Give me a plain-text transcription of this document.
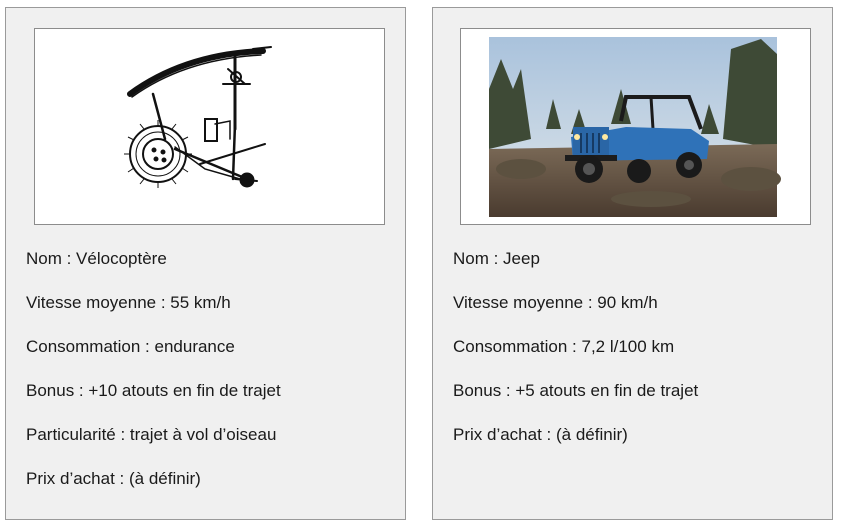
Nom : Vélocoptère
Vitesse moyenne : 55 km/h
Consommation : endurance
Bonus : +10 atouts en fin de trajet
Particularité : trajet à vol d’oiseau
Prix d’achat : (à définir)
Nom : Jeep
Vitesse moyenne : 90 km/h
Consommation : 7,2 l/100 km
Bonus : +5 atouts en fin de trajet
Prix d’achat : (à définir)
